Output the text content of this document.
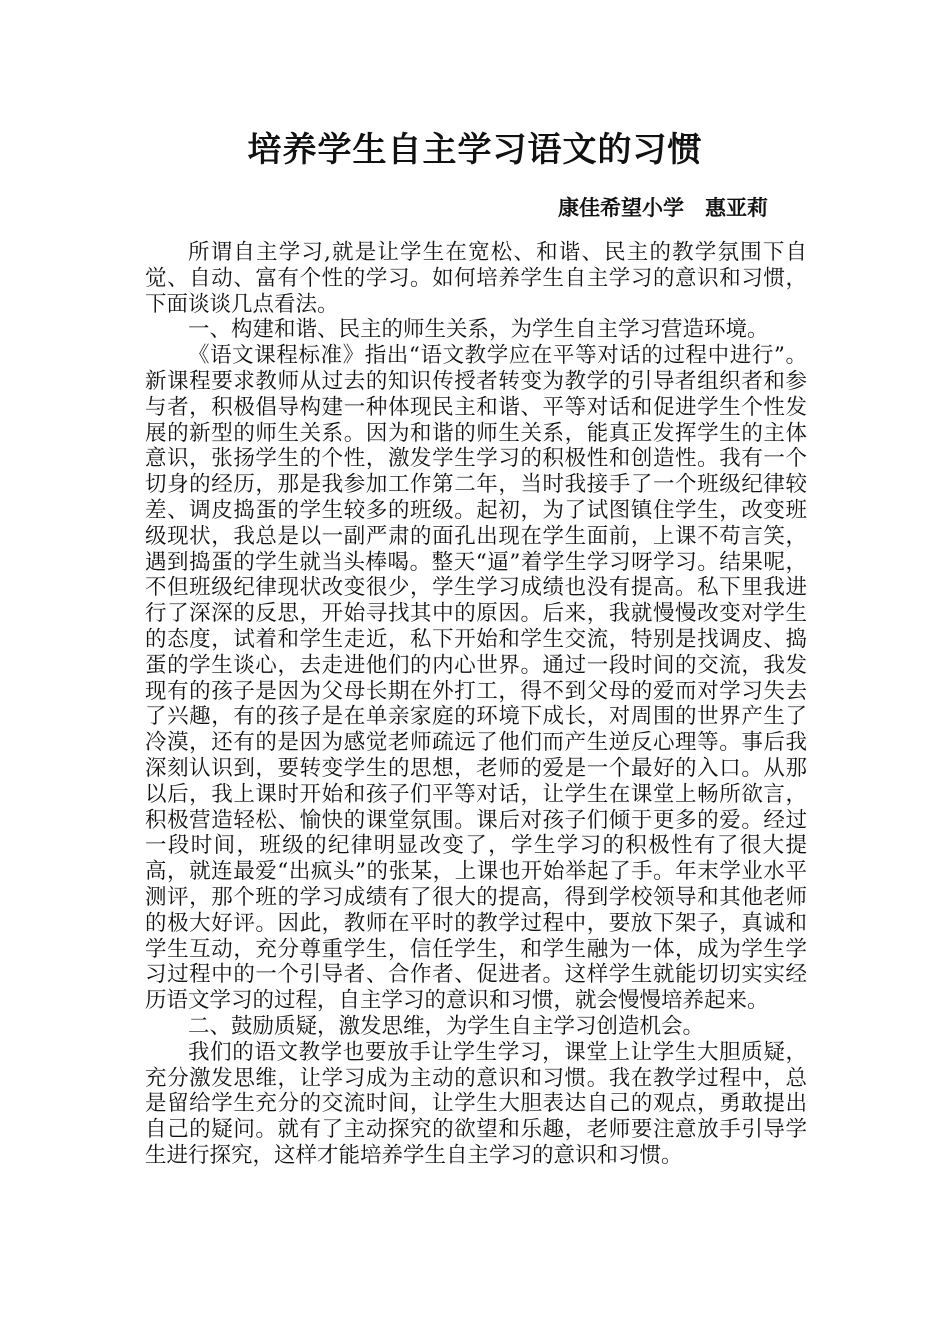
培养学生自主学习语文的习惯
康佳希望小学　惠亚莉

所谓自主学习,就是让学生在宽松、和谐、民主的教学氛围下自觉、自动、富有个性的学习。如何培养学生自主学习的意识和习惯，下面谈谈几点看法。

一、构建和谐、民主的师生关系，为学生自主学习营造环境。

《语文课程标准》指出“语文教学应在平等对话的过程中进行”。新课程要求教师从过去的知识传授者转变为教学的引导者组织者和参与者，积极倡导构建一种体现民主和谐、平等对话和促进学生个性发展的新型的师生关系。因为和谐的师生关系，能真正发挥学生的主体意识，张扬学生的个性，激发学生学习的积极性和创造性。我有一个切身的经历，那是我参加工作第二年，当时我接手了一个班级纪律较差、调皮捣蛋的学生较多的班级。起初，为了试图镇住学生，改变班级现状，我总是以一副严肃的面孔出现在学生面前，上课不苟言笑，遇到捣蛋的学生就当头棒喝。整天“逼”着学生学习呀学习。结果呢，不但班级纪律现状改变很少，学生学习成绩也没有提高。私下里我进行了深深的反思，开始寻找其中的原因。后来，我就慢慢改变对学生的态度，试着和学生走近，私下开始和学生交流，特别是找调皮、捣蛋的学生谈心，去走进他们的内心世界。通过一段时间的交流，我发现有的孩子是因为父母长期在外打工，得不到父母的爱而对学习失去了兴趣，有的孩子是在单亲家庭的环境下成长，对周围的世界产生了冷漠，还有的是因为感觉老师疏远了他们而产生逆反心理等。事后我深刻认识到，要转变学生的思想，老师的爱是一个最好的入口。从那以后，我上课时开始和孩子们平等对话，让学生在课堂上畅所欲言，积极营造轻松、愉快的课堂氛围。课后对孩子们倾于更多的爱。经过一段时间，班级的纪律明显改变了，学生学习的积极性有了很大提高，就连最爱“出疯头”的张某，上课也开始举起了手。年末学业水平测评，那个班的学习成绩有了很大的提高，得到学校领导和其他老师的极大好评。因此，教师在平时的教学过程中，要放下架子，真诚和学生互动，充分尊重学生，信任学生，和学生融为一体，成为学生学习过程中的一个引导者、合作者、促进者。这样学生就能切切实实经历语文学习的过程，自主学习的意识和习惯，就会慢慢培养起来。

二、鼓励质疑，激发思维，为学生自主学习创造机会。

我们的语文教学也要放手让学生学习，课堂上让学生大胆质疑，充分激发思维，让学习成为主动的意识和习惯。我在教学过程中，总是留给学生充分的交流时间，让学生大胆表达自己的观点，勇敢提出自己的疑问。就有了主动探究的欲望和乐趣，老师要注意放手引导学生进行探究，这样才能培养学生自主学习的意识和习惯。
